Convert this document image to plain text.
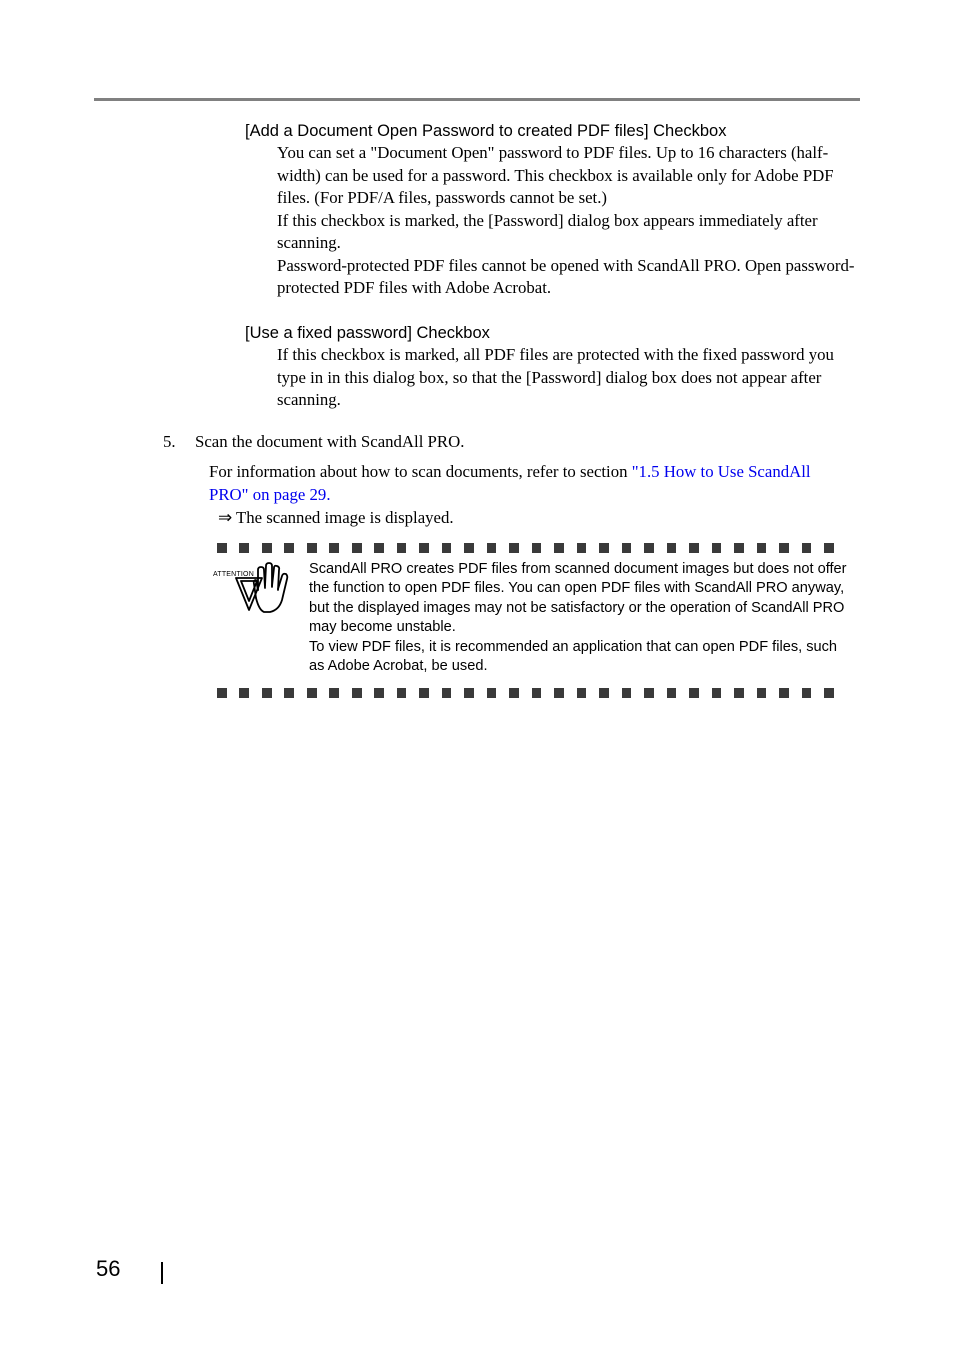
[Add a Document Open Password to created PDF files] Checkbox

You can set a "Document Open" password to PDF files. Up to 16 characters (half-width) can be used for a password. This checkbox is available only for Adobe PDF files. (For PDF/A files, passwords cannot be set.)

If this checkbox is marked, the [Password] dialog box appears immediately after scanning.

Password-protected PDF files cannot be opened with ScandAll PRO. Open password-protected PDF files with Adobe Acrobat.

[Use a fixed password] Checkbox

If this checkbox is marked, all PDF files are protected with the fixed password you type in in this dialog box, so that the [Password] dialog box does not appear after scanning.

5. Scan the document with ScandAll PRO.

For information about how to scan documents, refer to section "1.5 How to Use ScandAll PRO" on page 29.

⇒ The scanned image is displayed.
ATTENTION	ScandAll PRO creates PDF files from scanned document images but does not offer the function to open PDF files. You can open PDF files with ScandAll PRO anyway, but the displayed images may not be satisfactory or the operation of ScandAll PRO may become unstable.

To view PDF files, it is recommended an application that can open PDF files, such as Adobe Acrobat, be used.

56
